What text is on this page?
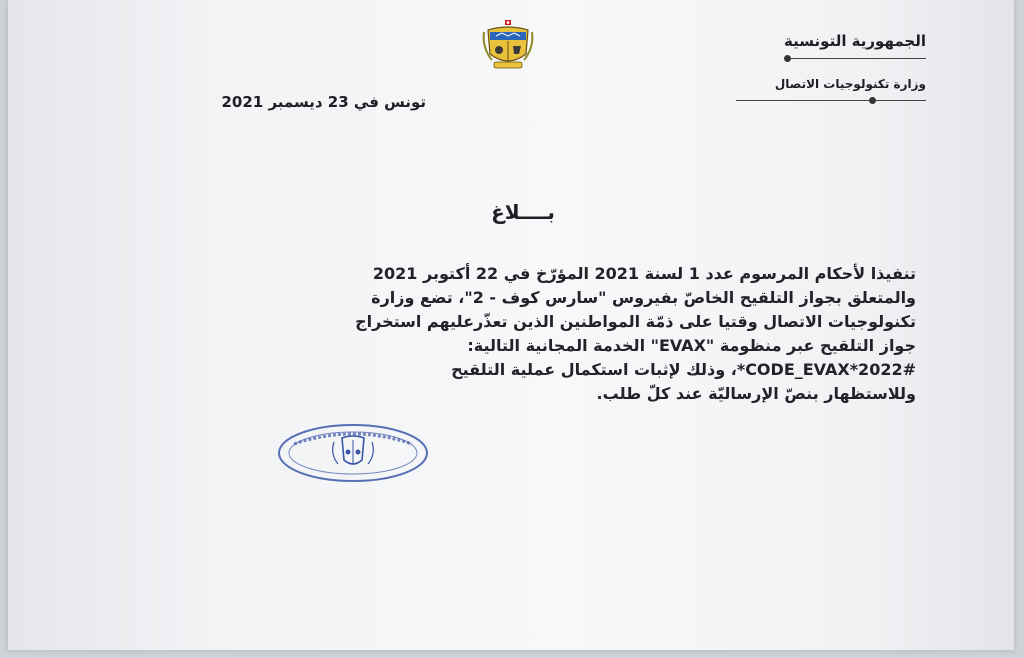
الجمهورية التونسية
وزارة تكنولوجيات الاتصال
تونس في 23 ديسمبر 2021
بــــلاغ

تنفيذا لأحكام المرسوم عدد 1 لسنة 2021 المؤرّخ في 22 أكتوبر 2021

والمتعلق بجواز التلقيح الخاصّ بفيروس "سارس كوف - 2"، تضع وزارة

تكنولوجيات الاتصال وقتيا على ذمّة المواطنين الذين تعذّرعليهم استخراج

جواز التلقيح عبر منظومة "EVAX" الخدمة المجانية التالية:

#CODE_EVAX*2022*، وذلك لإثبات استكمال عملية التلقيح

وللاستظهار بنصّ الإرساليّة عند كلّ طلب.
